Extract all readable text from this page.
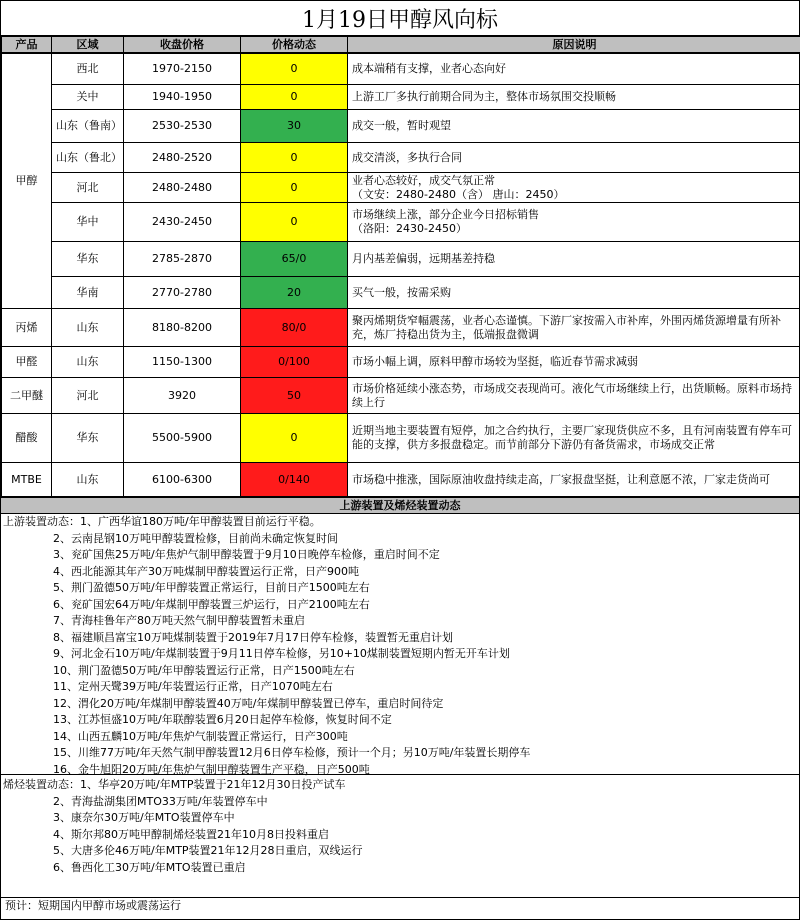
1月19日甲醇风向标
产品	区域	收盘价格	价格动态	原因说明
甲醇	西北	1970-2150	0	成本端稍有支撑，业者心态向好

	关中	1940-1950	0	上游工厂多执行前期合同为主，整体市场氛围交投顺畅

	山东（鲁南）	2530-2530	30	成交一般，暂时观望

	山东（鲁北）	2480-2520	0	成交清淡，多执行合同

	河北	2480-2480	0	业者心态较好，成交气氛正常
（文安：2480-2480（含） 唐山：2450）

	华中	2430-2450	0	市场继续上涨，部分企业今日招标销售
（洛阳：2430-2450）

	华东	2785-2870	65/0	月内基差偏弱，远期基差持稳

	华南	2770-2780	20	买气一般，按需采购

丙烯	山东	8180-8200	80/0	聚丙烯期货窄幅震荡，业者心态谨慎。下游厂家按需入市补库，外围丙烯货源增量有所补充，炼厂持稳出货为主，低端报盘微调

甲醛	山东	1150-1300	0/100	市场小幅上调，原料甲醇市场较为坚挺，临近春节需求减弱

二甲醚	河北	3920	50	市场价格延续小涨态势，市场成交表现尚可。液化气市场继续上行，出货顺畅。原料市场持续上行

醋酸	华东	5500-5900	0	近期当地主要装置有短停，加之合约执行，主要厂家现货供应不多，且有河南装置有停车可能的支撑，供方多报盘稳定。而节前部分下游仍有备货需求，市场成交正常

MTBE	山东	6100-6300	0/140	市场稳中推涨，国际原油收盘持续走高，厂家报盘坚挺，让利意愿不浓，厂家走货尚可
上游装置及烯烃装置动态
上游装置动态：1、广西华谊180万吨/年甲醇装置目前运行平稳。
2、云南昆钢10万吨甲醇装置检修，目前尚未确定恢复时间
3、兖矿国焦25万吨/年焦炉气制甲醇装置于9月10日晚停车检修，重启时间不定
4、西北能源其年产30万吨煤制甲醇装置运行正常，日产900吨
5、荆门盈德50万吨/年甲醇装置正常运行，目前日产1500吨左右
6、兖矿国宏64万吨/年煤制甲醇装置三炉运行，日产2100吨左右
7、青海桂鲁年产80万吨天然气制甲醇装置暂未重启
8、福建顺昌富宝10万吨煤制装置于2019年7月17日停车检修，装置暂无重启计划
9、河北金石10万吨/年煤制装置于9月11日停车检修，另10+10煤制装置短期内暂无开车计划
10、荆门盈德50万吨/年甲醇装置运行正常，日产1500吨左右
11、定州天鹭39万吨/年装置运行正常，日产1070吨左右
12、渭化20万吨/年煤制甲醇装置40万吨/年煤制甲醇装置已停车，重启时间待定
13、江苏恒盛10万吨/年联醇装置6月20日起停车检修，恢复时间不定
14、山西五麟10万吨/年焦炉气制装置正常运行，日产300吨
15、川维77万吨/年天然气制甲醇装置12月6日停车检修，预计一个月；另10万吨/年装置长期停车
16、金牛旭阳20万吨/年焦炉气制甲醇装置生产平稳，日产500吨
烯烃装置动态：1、华亭20万吨/年MTP装置于21年12月30日投产试车
2、青海盐湖集团MTO33万吨/年装置停车中
3、康奈尔30万吨/年MTO装置停车中
4、斯尔邦80万吨甲醇制烯烃装置21年10月8日投料重启
5、大唐多伦46万吨/年MTP装置21年12月28日重启，双线运行
6、鲁西化工30万吨/年MTO装置已重启
预计：短期国内甲醇市场或震荡运行
